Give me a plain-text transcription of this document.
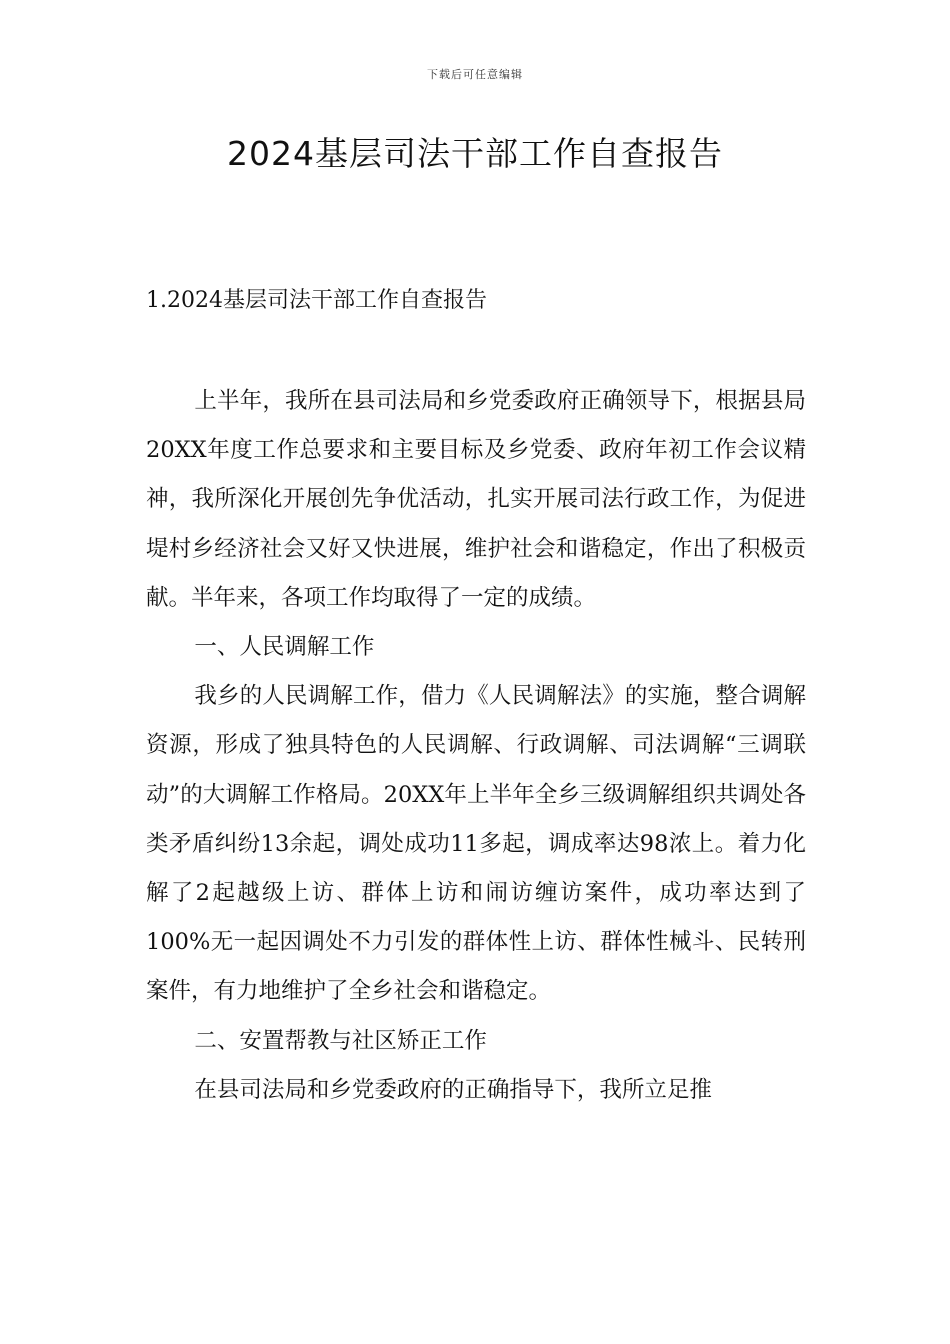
下载后可任意编辑
2024基层司法干部工作自查报告
1.2024基层司法干部工作自查报告

上半年，我所在县司法局和乡党委政府正确领导下，根据县局20XX年度工作总要求和主要目标及乡党委、政府年初工作会议精神，我所深化开展创先争优活动，扎实开展司法行政工作，为促进堤村乡经济社会又好又快进展，维护社会和谐稳定，作出了积极贡献。半年来，各项工作均取得了一定的成绩。

一、人民调解工作

我乡的人民调解工作，借力《人民调解法》的实施，整合调解资源，形成了独具特色的人民调解、行政调解、司法调解“三调联动”的大调解工作格局。20XX年上半年全乡三级调解组织共调处各类矛盾纠纷13余起，调处成功11多起，调成率达98浓上。着力化解了2起越级上访、群体上访和闹访缠访案件，成功率达到了100%无一起因调处不力引发的群体性上访、群体性械斗、民转刑案件，有力地维护了全乡社会和谐稳定。

二、安置帮教与社区矫正工作

在县司法局和乡党委政府的正确指导下，我所立足推
